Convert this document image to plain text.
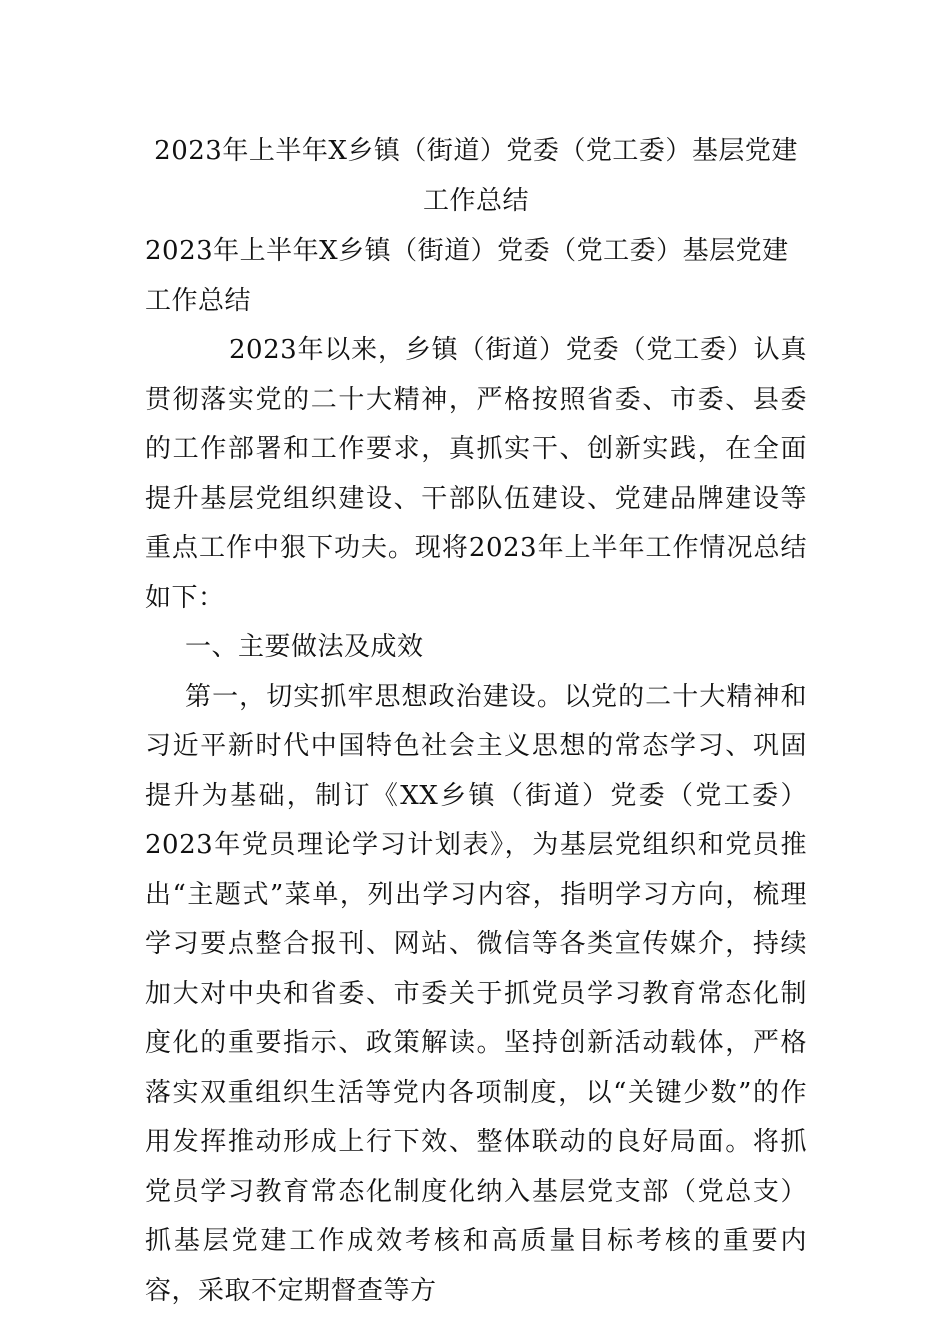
2023年上半年X乡镇（街道）党委（党工委）基层党建工作总结
2023年上半年X乡镇（街道）党委（党工委）基层党建工作总结

2023年以来，乡镇（街道）党委（党工委）认真贯彻落实党的二十大精神，严格按照省委、市委、县委的工作部署和工作要求，真抓实干、创新实践，在全面提升基层党组织建设、干部队伍建设、党建品牌建设等重点工作中狠下功夫。现将2023年上半年工作情况总结如下：

一、主要做法及成效

第一，切实抓牢思想政治建设。以党的二十大精神和习近平新时代中国特色社会主义思想的常态学习、巩固提升为基础，制订《XX乡镇（街道）党委（党工委）2023年党员理论学习计划表》，为基层党组织和党员推出“主题式”菜单，列出学习内容，指明学习方向，梳理学习要点整合报刊、网站、微信等各类宣传媒介，持续加大对中央和省委、市委关于抓党员学习教育常态化制度化的重要指示、政策解读。坚持创新活动载体，严格落实双重组织生活等党内各项制度，以“关键少数”的作用发挥推动形成上行下效、整体联动的良好局面。将抓党员学习教育常态化制度化纳入基层党支部（党总支）抓基层党建工作成效考核和高质量目标考核的重要内容，采取不定期督查等方
